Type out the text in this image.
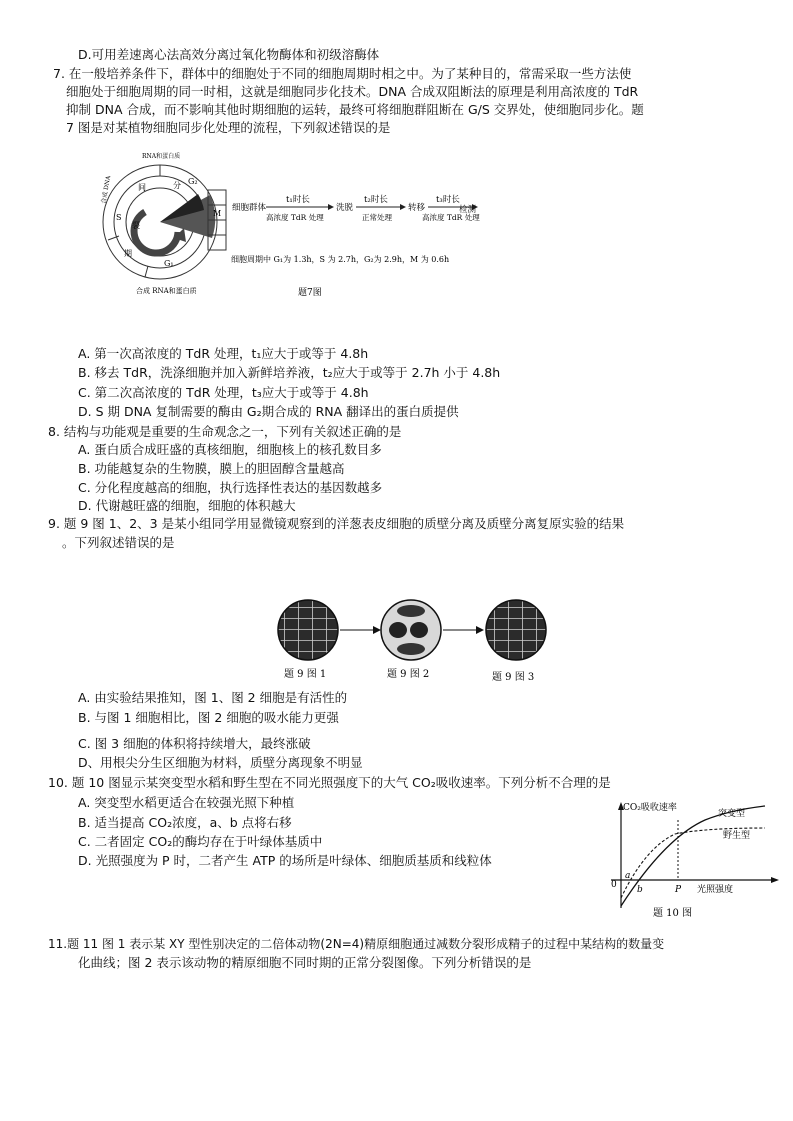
D.可用差速离心法高效分离过氧化物酶体和初级溶酶体
7. 在一般培养条件下，群体中的细胞处于不同的细胞周期时相之中。为了某种目的，常需采取一些方法使
细胞处于细胞周期的同一时相，这就是细胞同步化技术。DNA 合成双阻断法的原理是利用高浓度的 TdR
抑制 DNA 合成，而不影响其他时期细胞的运转，最终可将细胞群阻断在 G/S 交界处，使细胞同步化。题
7 图是对某植物细胞同步化处理的流程，下列叙述错误的是
间
期
分
裂
G₁
S
G₂
M
合成 RNA和蛋白质
合成 DNA
RNA和蛋白质
细胞群体
t₁时长
高浓度 TdR 处理
洗脱
t₂时长
正常处理
转移
t₃时长
高浓度 TdR 处理
细胞周期中 G₁为 1.3h，S 为 2.7h，G₂为 2.9h，M 为 0.6h
题7图
检测
A. 第一次高浓度的 TdR 处理，t₁应大于或等于 4.8h
B. 移去 TdR，洗涤细胞并加入新鲜培养液，t₂应大于或等于 2.7h 小于 4.8h
C. 第二次高浓度的 TdR 处理，t₃应大于或等于 4.8h
D. S 期 DNA 复制需要的酶由 G₂期合成的 RNA 翻译出的蛋白质提供
8. 结构与功能观是重要的生命观念之一，下列有关叙述正确的是
A. 蛋白质合成旺盛的真核细胞，细胞核上的核孔数目多
B. 功能越复杂的生物膜，膜上的胆固醇含量越高
C. 分化程度越高的细胞，执行选择性表达的基因数越多
D. 代谢越旺盛的细胞，细胞的体积越大
9. 题 9 图 1、2、3 是某小组同学用显微镜观察到的洋葱表皮细胞的质壁分离及质壁分离复原实验的结果
。下列叙述错误的是
题 9 图 1	题 9 图 2	题 9 图 3
A. 由实验结果推知，图 1、图 2 细胞是有活性的
B. 与图 1 细胞相比，图 2 细胞的吸水能力更强
C. 图 3 细胞的体积将持续增大，最终涨破
D、用根尖分生区细胞为材料，质壁分离现象不明显
10. 题 10 图显示某突变型水稻和野生型在不同光照强度下的大气 CO₂吸收速率。下列分析不合理的是
A. 突变型水稻更适合在较强光照下种植
B. 适当提高 CO₂浓度，a、b 点将右移
C. 二者固定 CO₂的酶均存在于叶绿体基质中
D. 光照强度为 P 时，二者产生 ATP 的场所是叶绿体、细胞质基质和线粒体
CO₂吸收速率
光照强度
突变型
野生型
a
b	P
0
题 10 图
11.题 11 图 1 表示某 XY 型性别决定的二倍体动物(2N=4)精原细胞通过减数分裂形成精子的过程中某结构的数量变
化曲线；图 2 表示该动物的精原细胞不同时期的正常分裂图像。下列分析错误的是
